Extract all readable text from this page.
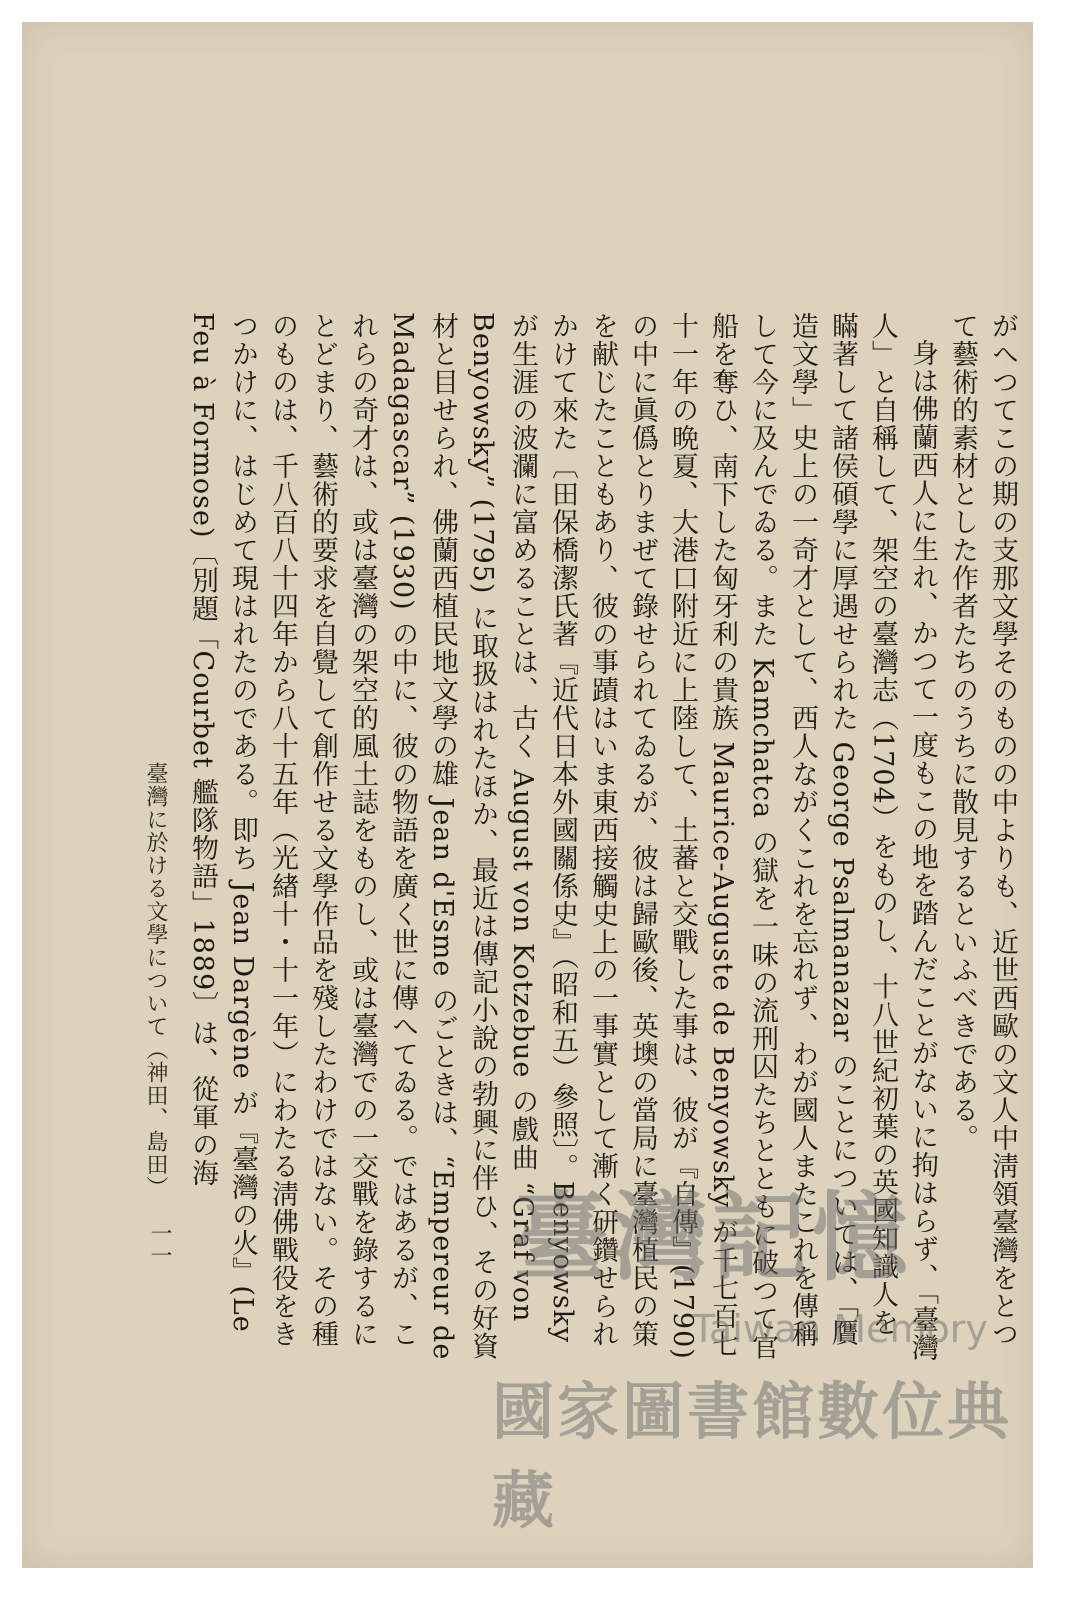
がへつてこの期の支那文學そのものの中よりも、近世西歐の文人中淸領臺灣をとつて藝術的素材とした作者たちのうちに散見するといふべきである。

身は佛蘭西人に生れ、かつて一度もこの地を踏んだことがないに拘はらず、「臺灣人」と自稱して、架空の臺灣志（1704）をものし、十八世紀初葉の英國知識人を瞞著して諸侯碩學に厚遇せられた George Psalmanazar のことについては、「贋造文學」史上の一奇才として、西人ながくこれを忘れず、わが國人またこれを傳稱して今に及んでゐる。また Kamchatca の獄を一味の流刑囚たちとともに破つて官船を奪ひ、南下した匈牙利の貴族 Maurice-Auguste de Benyowsky が千七百七十一年の晩夏、大港口附近に上陸して、土蕃と交戰した事は、彼が『自傳』(1790) の中に眞僞とりまぜて錄せられてゐるが、彼は歸歐後、英墺の當局に臺灣植民の策を献じたこともあり、彼の事蹟はいま東西接觸史上の一事實として漸く研鑽せられかけて來た〔田保橋潔氏著『近代日本外國關係史』（昭和五）參照〕。Benyowsky が生涯の波瀾に富めることは、古く August von Kotzebue の戲曲 “Graf von Benyowsky” (1795) に取扱はれたほか、最近は傳記小說の勃興に伴ひ、その好資材と目せられ、佛蘭西植民地文學の雄 Jean d'Esme のごときは、“Empereur de Madagascar” (1930) の中に、彼の物語を廣く世に傳へてゐる。ではあるが、これらの奇才は、或は臺灣の架空的風土誌をものし、或は臺灣での一交戰を錄するにとどまり、藝術的要求を自覺して創作せる文學作品を殘したわけではない。その種のものは、千八百八十四年から八十五年（光緖十・十一年）にわたる淸佛戰役をきつかけに、はじめて現はれたのである。即ち Jean Dargène が『臺灣の火』(Le Feu à Formose)〔別題「Courbet 艦隊物語」1889〕は、從軍の海

臺灣に於ける文學について（神田、島田）
一一	臺灣記憶
Taiwan Memory
國家圖書館數位典藏
